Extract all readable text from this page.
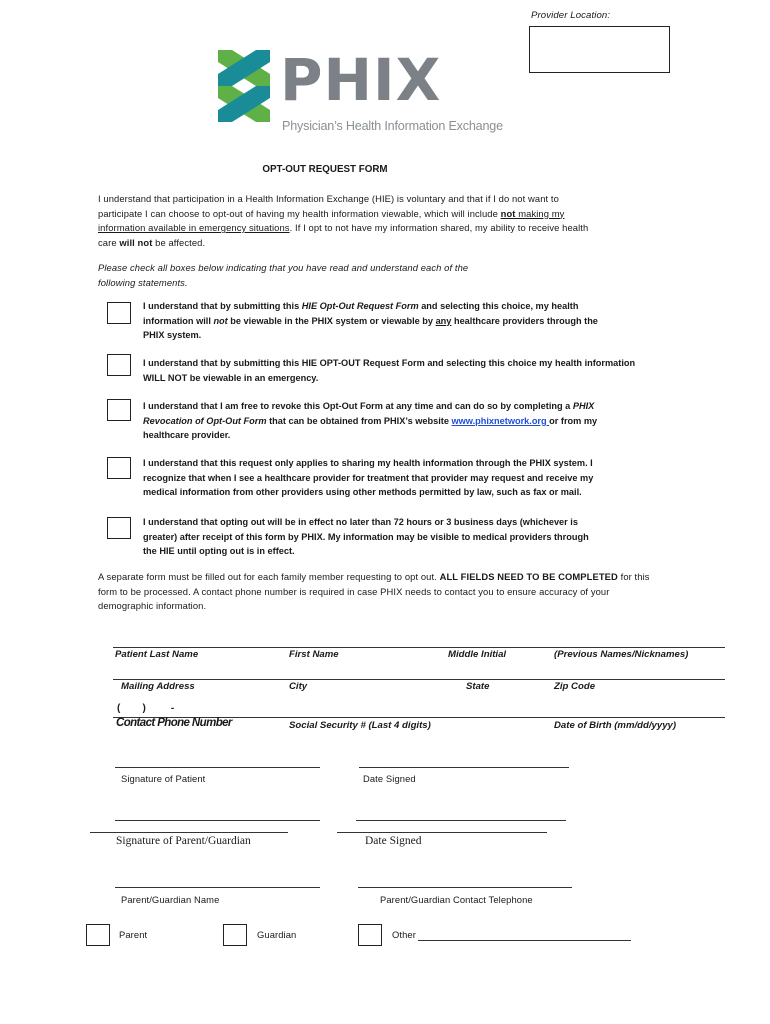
Provider Location:
PHIX
Physician’s Health Information Exchange
OPT-OUT REQUEST FORM
I understand that participation in a Health Information Exchange (HIE) is voluntary and that if I do not want to
participate I can choose to opt-out of having my health information viewable, which will include not making my
information available in emergency situations. If I opt to not have my information shared, my ability to receive health
care will not be affected.
Please check all boxes below indicating that you have read and understand each of the
following statements.
I understand that by submitting this HIE Opt-Out Request Form and selecting this choice, my health
information will not be viewable in the PHIX system or viewable by any healthcare providers through the
PHIX system.
I understand that by submitting this HIE OPT-OUT Request Form and selecting this choice my health information
WILL NOT be viewable in an emergency.
I understand that I am free to revoke this Opt-Out Form at any time and can do so by completing a PHIX
Revocation of Opt-Out Form that can be obtained from PHIX’s website www.phixnetwork.org or from my
healthcare provider.
I understand that this request only applies to sharing my health information through the PHIX system. I
recognize that when I see a healthcare provider for treatment that provider may request and receive my
medical information from other providers using other methods permitted by law, such as fax or mail.
I understand that opting out will be in effect no later than 72 hours or 3 business days (whichever is
greater) after receipt of this form by PHIX. My information may be visible to medical providers through
the HIE until opting out is in effect.
A separate form must be filled out for each family member requesting to opt out. ALL FIELDS NEED TO BE COMPLETED for this
form to be processed. A contact phone number is required in case PHIX needs to contact you to ensure accuracy of your
demographic information.
Patient Last Name	First Name	Middle Initial	(Previous Names/Nicknames)
Mailing Address	City	State	Zip Code
(        )         -
Contact Phone Number	Social Security # (Last 4 digits)	Date of Birth (mm/dd/yyyy)
Signature of Patient	Date Signed
Signature of Parent/Guardian	Date Signed
Parent/Guardian Name	Parent/Guardian Contact Telephone
Parent	Guardian	Other
